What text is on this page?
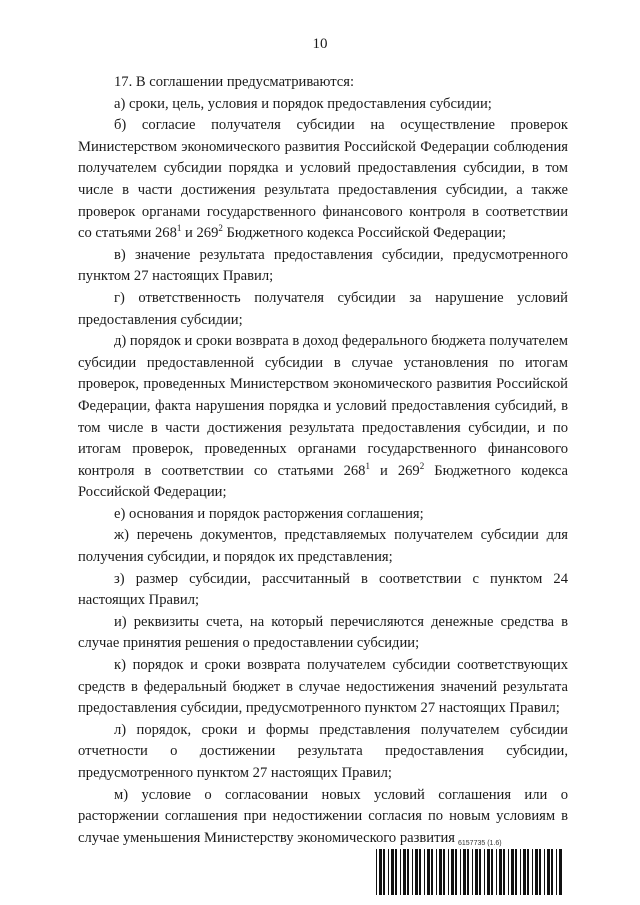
10

17. В соглашении предусматриваются:

а) сроки, цель, условия и порядок предоставления субсидии;

б) согласие получателя субсидии на осуществление проверок Министерством экономического развития Российской Федерации соблюдения получателем субсидии порядка и условий предоставления субсидии, в том числе в части достижения результата предоставления субсидии, а также проверок органами государственного финансового контроля в соответствии со статьями $268^1$ и $269^2$ Бюджетного кодекса Российской Федерации;

в) значение результата предоставления субсидии, предусмотренного пунктом 27 настоящих Правил;

г) ответственность получателя субсидии за нарушение условий предоставления субсидии;

д) порядок и сроки возврата в доход федерального бюджета получателем субсидии предоставленной субсидии в случае установления по итогам проверок, проведенных Министерством экономического развития Российской Федерации, факта нарушения порядка и условий предоставления субсидий, в том числе в части достижения результата предоставления субсидии, и по итогам проверок, проведенных органами государственного финансового контроля в соответствии со статьями $268^1$ и $269^2$ Бюджетного кодекса Российской Федерации;

е) основания и порядок расторжения соглашения;

ж) перечень документов, представляемых получателем субсидии для получения субсидии, и порядок их представления;

з) размер субсидии, рассчитанный в соответствии с пунктом 24 настоящих Правил;

и) реквизиты счета, на который перечисляются денежные средства в случае принятия решения о предоставлении субсидии;

к) порядок и сроки возврата получателем субсидии соответствующих средств в федеральный бюджет в случае недостижения значений результата предоставления субсидии, предусмотренного пунктом 27 настоящих Правил;

л) порядок, сроки и формы представления получателем субсидии отчетности о достижении результата предоставления субсидии, предусмотренного пунктом 27 настоящих Правил;

м) условие о согласовании новых условий соглашения или о расторжении соглашения при недостижении согласия по новым условиям в случае уменьшения Министерству экономического развития 6157735 (1.6)
